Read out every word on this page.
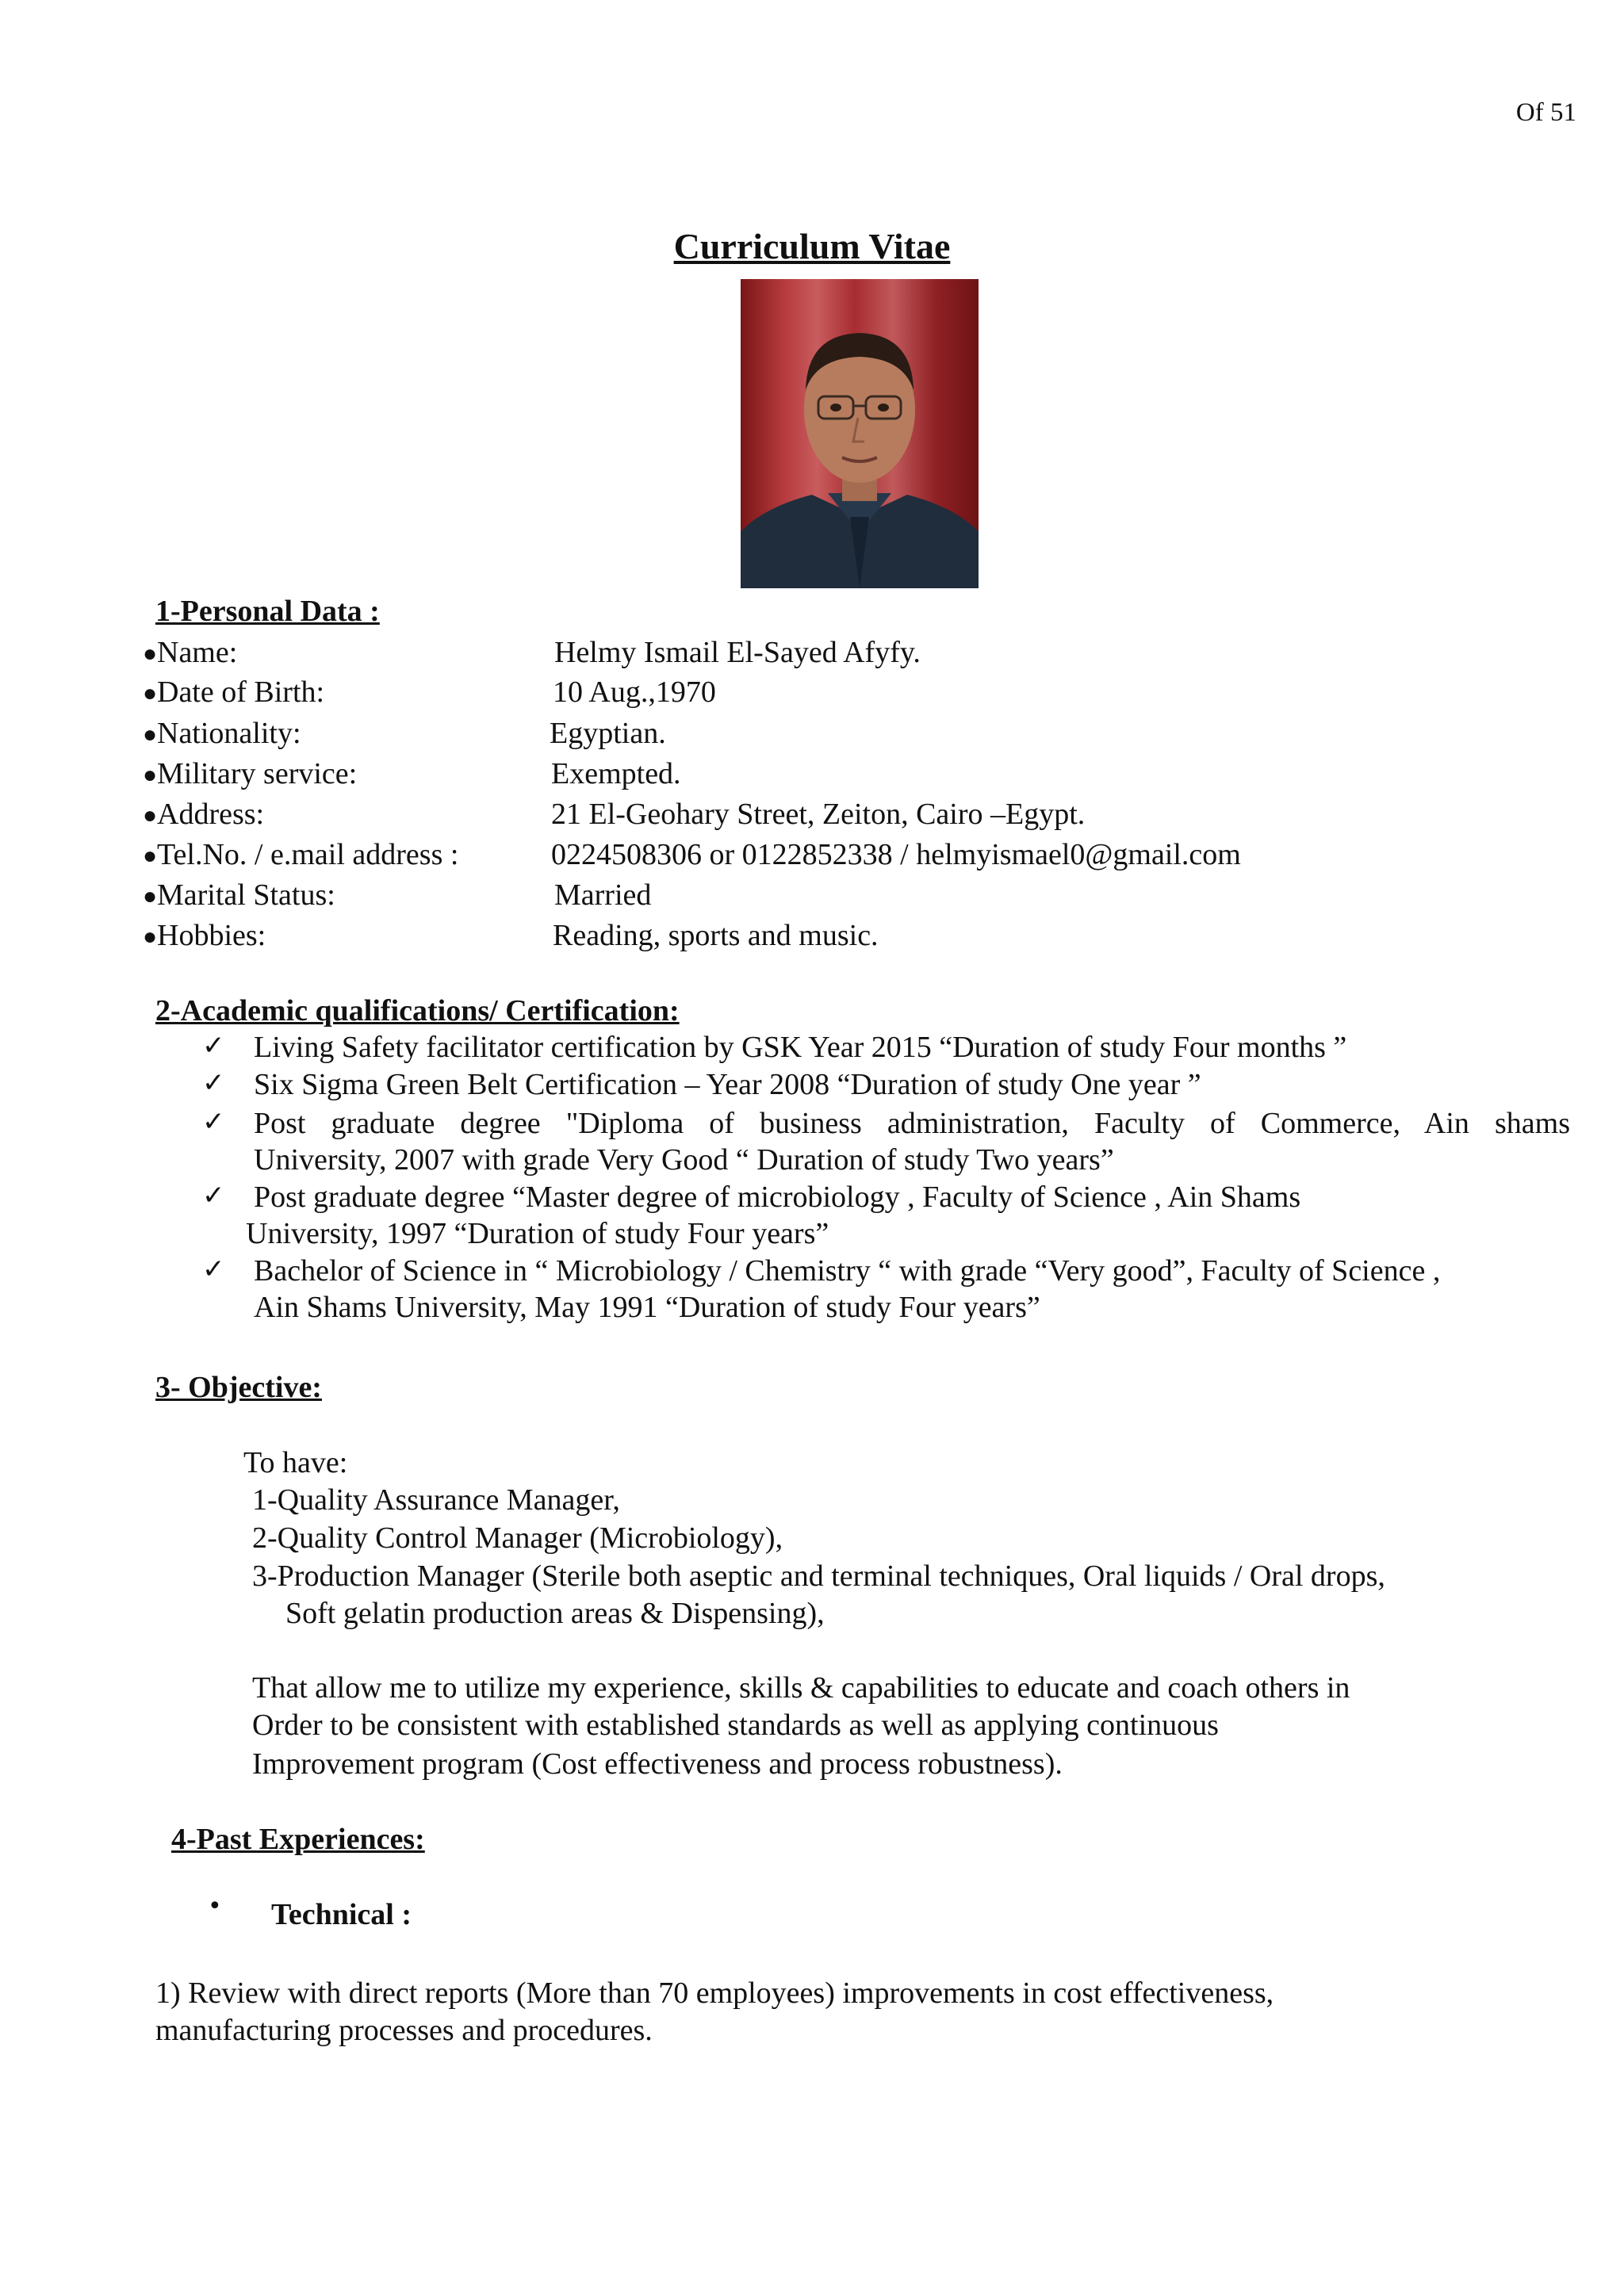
Of 51
Curriculum Vitae
1-Personal Data :
● Name:	Helmy Ismail El-Sayed Afyfy.
● Date of Birth:	10 Aug.,1970
● Nationality:	Egyptian.
● Military service:	Exempted.
● Address:	21 El-Geohary Street, Zeiton, Cairo –Egypt.
● Tel.No. / e.mail address :	0224508306 or 0122852338 / helmyismael0@gmail.com
● Marital Status:	Married
● Hobbies:	Reading, sports and music.
2-Academic qualifications/ Certification:
✓ Living Safety facilitator certification by GSK Year 2015 “Duration of study Four months ”
✓ Six Sigma Green Belt Certification – Year 2008 “Duration of study One year ”
✓ Post graduate degree "Diploma of business administration, Faculty of Commerce, Ain shams
University, 2007 with grade Very Good “ Duration of study Two years”
✓ Post graduate degree “Master degree of microbiology , Faculty of Science , Ain Shams
University, 1997 “Duration of study Four years”
✓ Bachelor of Science in “ Microbiology / Chemistry “ with grade “Very good”, Faculty of Science ,
Ain Shams University, May 1991 “Duration of study Four years”
3- Objective:
To have:
1-Quality Assurance Manager,
2-Quality Control Manager (Microbiology),
3-Production Manager (Sterile both aseptic and terminal techniques, Oral liquids / Oral drops,
Soft gelatin production areas & Dispensing),
That allow me to utilize my experience, skills & capabilities to educate and coach others in
Order to be consistent with established standards as well as applying continuous
Improvement program (Cost effectiveness and process robustness).
4-Past Experiences:
• Technical :
1) Review with direct reports (More than 70 employees) improvements in cost effectiveness,
manufacturing processes and procedures.
